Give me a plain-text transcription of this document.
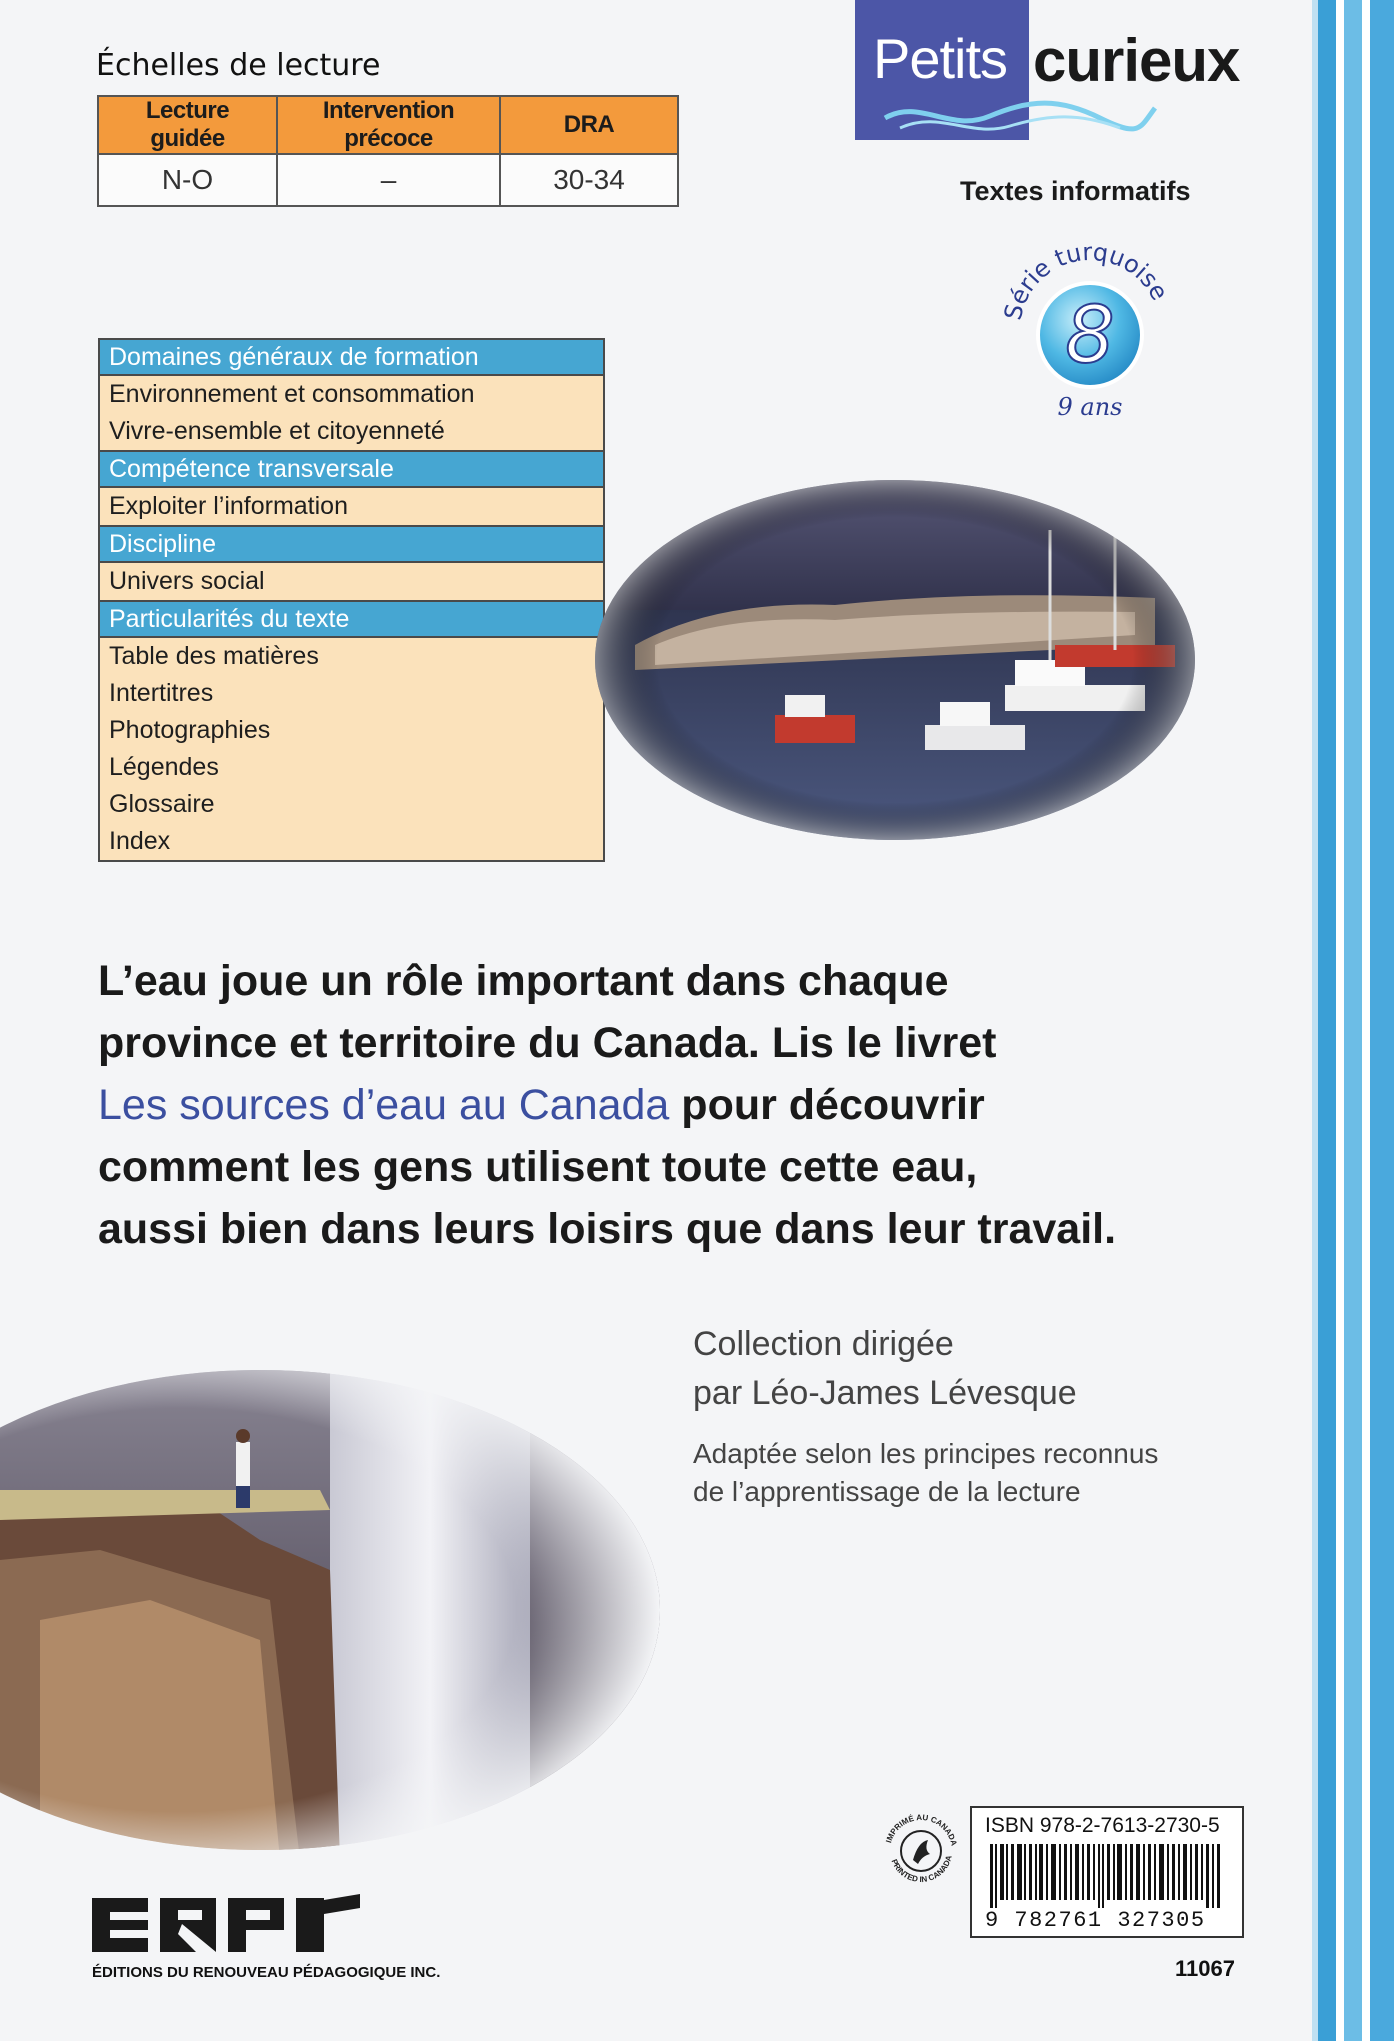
Échelles de lecture
Lecture guidée	Intervention précoce	DRA
N-O	–	30-34
Petits curieux
Textes informatifs
Série turquoise
8
9 ans
Domaines généraux de formation
Environnement et consommation
Vivre-ensemble et citoyenneté
Compétence transversale
Exploiter l’information
Discipline
Univers social
Particularités du texte
Table des matières
Intertitres
Photographies
Légendes
Glossaire
Index
L’eau joue un rôle important dans chaque
province et territoire du Canada. Lis le livret
Les sources d’eau au Canada pour découvrir
comment les gens utilisent toute cette eau,
aussi bien dans leurs loisirs que dans leur travail.
Collection dirigée
par Léo-James Lévesque
Adaptée selon les principes reconnus
de l’apprentissage de la lecture
ÉDITIONS DU RENOUVEAU PÉDAGOGIQUE INC.
IMPRIMÉ AU CANADA
PRINTED IN CANADA
ISBN 978-2-7613-2730-5
9 782761 327305
11067
